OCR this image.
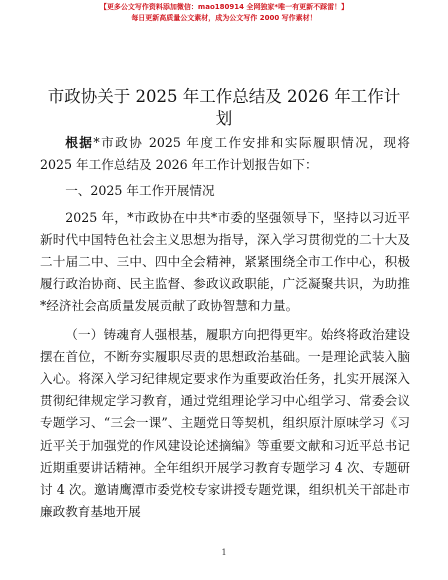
【更多公文写作资料添加微信：mao180914 全网独家*唯一有更新不踩雷！】
每日更新高质量公文素材，成为公文写作 2000 写作素材！
市政协关于 2025 年工作总结及 2026 年工作计划

根据*市政协 2025 年度工作安排和实际履职情况，现将 2025 年工作总结及 2026 年工作计划报告如下：

一、2025 年工作开展情况

2025 年，*市政协在中共*市委的坚强领导下，坚持以习近平新时代中国特色社会主义思想为指导，深入学习贯彻党的二十大及二十届二中、三中、四中全会精神，紧紧围绕全市工作中心，积极履行政治协商、民主监督、参政议政职能，广泛凝聚共识，为助推*经济社会高质量发展贡献了政协智慧和力量。

（一）铸魂育人强根基，履职方向把得更牢。始终将政治建设摆在首位，不断夯实履职尽责的思想政治基础。一是理论武装入脑入心。将深入学习纪律规定要求作为重要政治任务，扎实开展深入贯彻纪律规定学习教育，通过党组理论学习中心组学习、常委会议专题学习、“三会一课”、主题党日等契机，组织原汁原味学习《习近平关于加强党的作风建设论述摘编》等重要文献和习近平总书记近期重要讲话精神。全年组织开展学习教育专题学习 4 次、专题研讨 4 次。邀请鹰潭市委党校专家讲授专题党课，组织机关干部赴市廉政教育基地开展

1
